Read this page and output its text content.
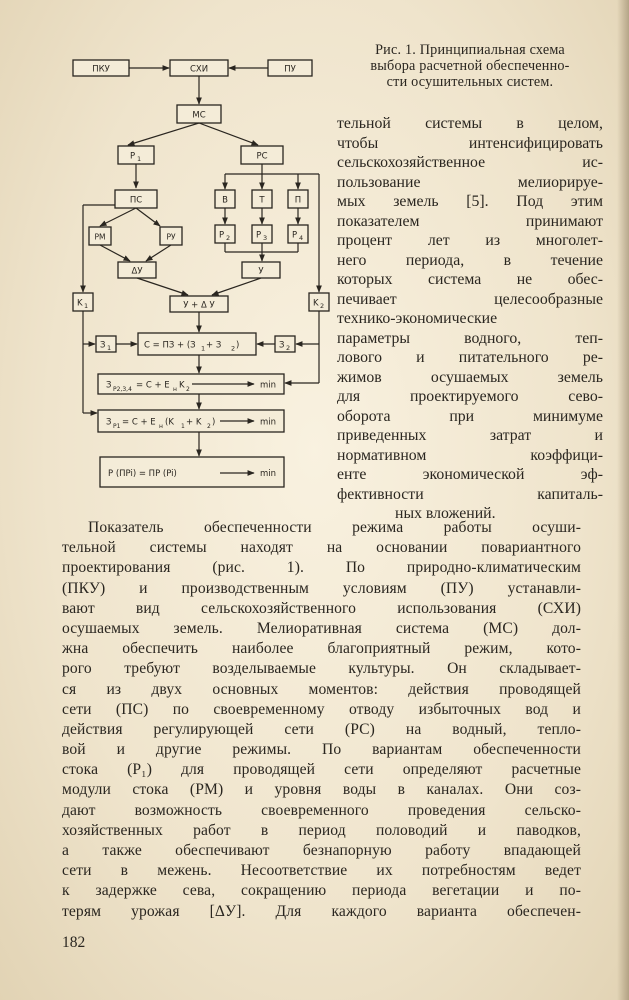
Рис. 1. Принципиальная схема
выбора расчетной обеспеченно-
сти осушительных систем.
ПКУ	СХИ	ПУ
МС
P 1	РС
ПС	В	Т	П
РМ	РУ	P 2	P 3	P 4
ΔУ	У
K 1	K 2
У + Δ У
З 1	С = ПЗ + (З 1 + З 2 )	З 2
З P2,3,4 = С + E н K 2	min
З P1 = С + E н (K 1 + K 2 )	min
P (ΠPi) = ΠP (Pi)	min
тельной системы в целом,
чтобы интенсифицировать
сельскохозяйственное ис-
пользование мелиорируе-
мых земель [5]. Под этим
показателем принимают
процент лет из многолет-
него периода, в течение
которых система не обес-
печивает целесообразные
технико-экономические
параметры водного, теп-
лового и питательного ре-
жимов осушаемых земель
для проектируемого сево-
оборота при минимуме
приведенных затрат и
нормативном коэффици-
енте экономической эф-
фективности капиталь-
ных вложений.
Показатель обеспеченности режима работы осуши-
тельной системы находят на основании повариантного
проектирования (рис. 1). По природно-климатическим
(ПКУ) и производственным условиям (ПУ) устанавли-
вают вид сельскохозяйственного использования (СХИ)
осушаемых земель. Мелиоративная система (МС) дол-
жна обеспечить наиболее благоприятный режим, кото-
рого требуют возделываемые культуры. Он складывает-
ся из двух основных моментов: действия проводящей
сети (ПС) по своевременному отводу избыточных вод и
действия регулирующей сети (РС) на водный, тепло-
вой и другие режимы. По вариантам обеспеченности
стока (P₁) для проводящей сети определяют расчетные
модули стока (РМ) и уровня воды в каналах. Они соз-
дают возможность своевременного проведения сельско-
хозяйственных работ в период половодий и паводков,
а также обеспечивают безнапорную работу впадающей
сети в межень. Несоответствие их потребностям ведет
к задержке сева, сокращению периода вегетации и по-
терям урожая [ΔУ]. Для каждого варианта обеспечен-
182
